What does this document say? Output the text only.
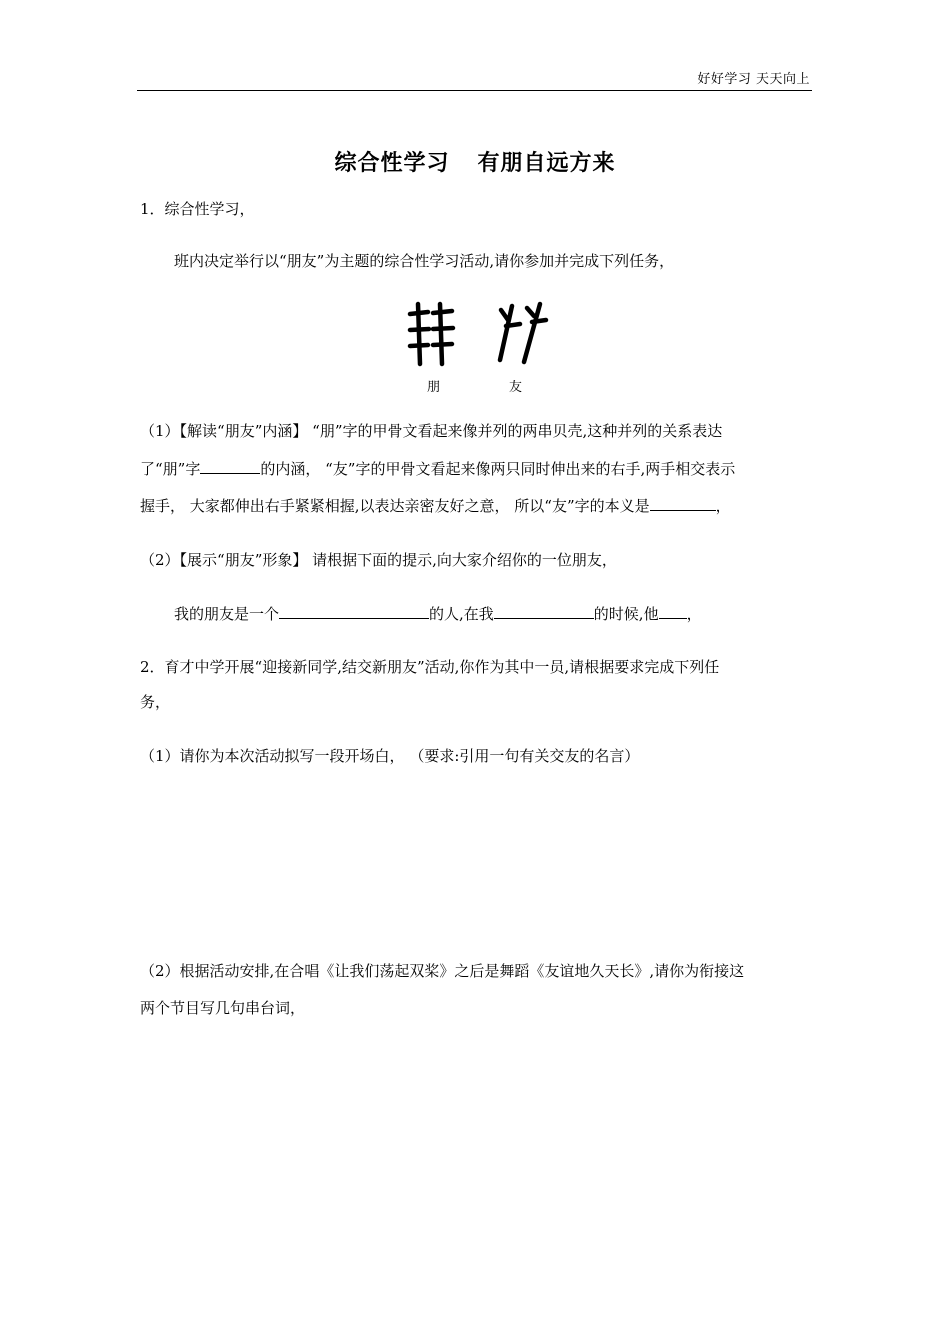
好好学习 天天向上
综合性学习 有朋自远方来
1．综合性学习，
班内决定举行以“朋友”为主题的综合性学习活动,请你参加并完成下列任务，
朋	友
（1）【解读“朋友”内涵】 “朋”字的甲骨文看起来像并列的两串贝壳,这种并列的关系表达
了“朋”字	的内涵， “友”字的甲骨文看起来像两只同时伸出来的右手,两手相交表示
握手， 大家都伸出右手紧紧相握,以表达亲密友好之意， 所以“友”字的本义是	，
（2）【展示“朋友”形象】 请根据下面的提示,向大家介绍你的一位朋友，
我的朋友是一个	的人,在我	的时候,他 ，
2．育才中学开展“迎接新同学,结交新朋友”活动,你作为其中一员,请根据要求完成下列任
务，
（1）请你为本次活动拟写一段开场白， （要求:引用一句有关交友的名言）
（2）根据活动安排,在合唱《让我们荡起双桨》之后是舞蹈《友谊地久天长》,请你为衔接这
两个节目写几句串台词，
